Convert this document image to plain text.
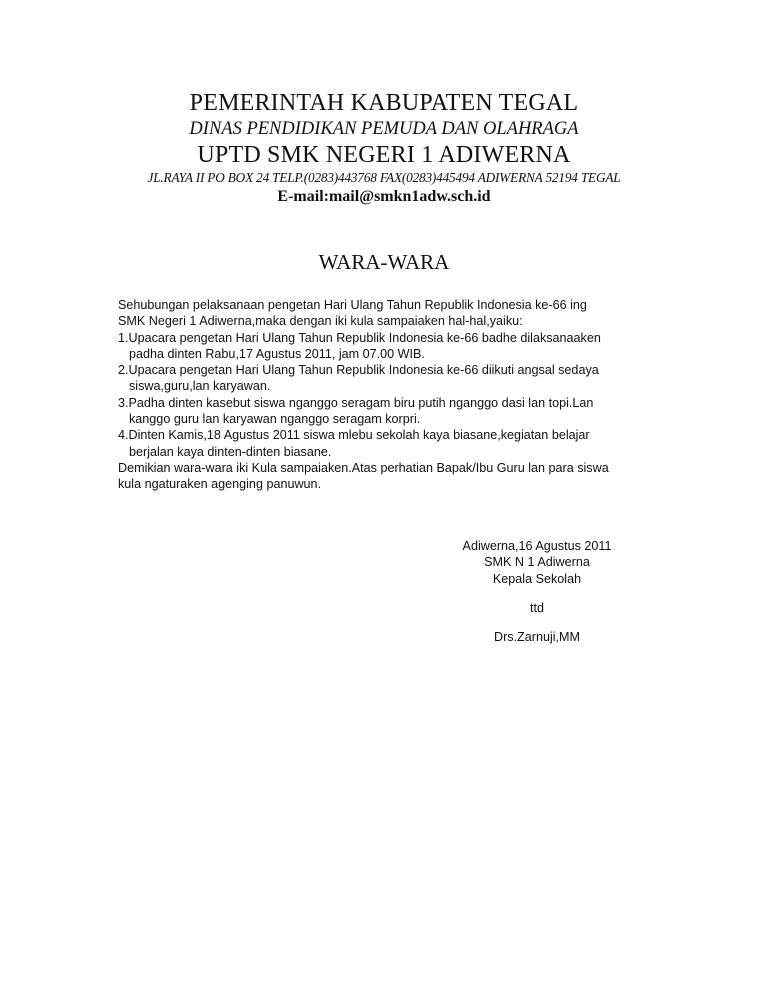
PEMERINTAH KABUPATEN TEGAL
DINAS PENDIDIKAN PEMUDA DAN OLAHRAGA
UPTD SMK NEGERI 1 ADIWERNA
JL.RAYA II PO BOX 24 TELP.(0283)443768 FAX(0283)445494 ADIWERNA 52194 TEGAL
E-mail:mail@smkn1adw.sch.id
WARA-WARA
Sehubungan pelaksanaan pengetan Hari Ulang Tahun Republik Indonesia ke-66 ing
SMK Negeri 1 Adiwerna,maka dengan iki kula sampaiaken hal-hal,yaiku:
1.Upacara pengetan Hari Ulang Tahun Republik Indonesia ke-66 badhe dilaksanaaken
padha dinten Rabu,17 Agustus 2011, jam 07.00 WIB.
2.Upacara pengetan Hari Ulang Tahun Republik Indonesia ke-66 diikuti angsal sedaya
siswa,guru,lan karyawan.
3.Padha dinten kasebut siswa nganggo seragam biru putih nganggo dasi lan topi.Lan
kanggo guru lan karyawan nganggo seragam korpri.
4.Dinten Kamis,18 Agustus 2011 siswa mlebu sekolah kaya biasane,kegiatan belajar
berjalan kaya dinten-dinten biasane.
Demikian wara-wara iki Kula sampaiaken.Atas perhatian Bapak/Ibu Guru lan para siswa
kula ngaturaken agenging panuwun.
Adiwerna,16 Agustus 2011
SMK N 1 Adiwerna
Kepala Sekolah
ttd
Drs.Zarnuji,MM
